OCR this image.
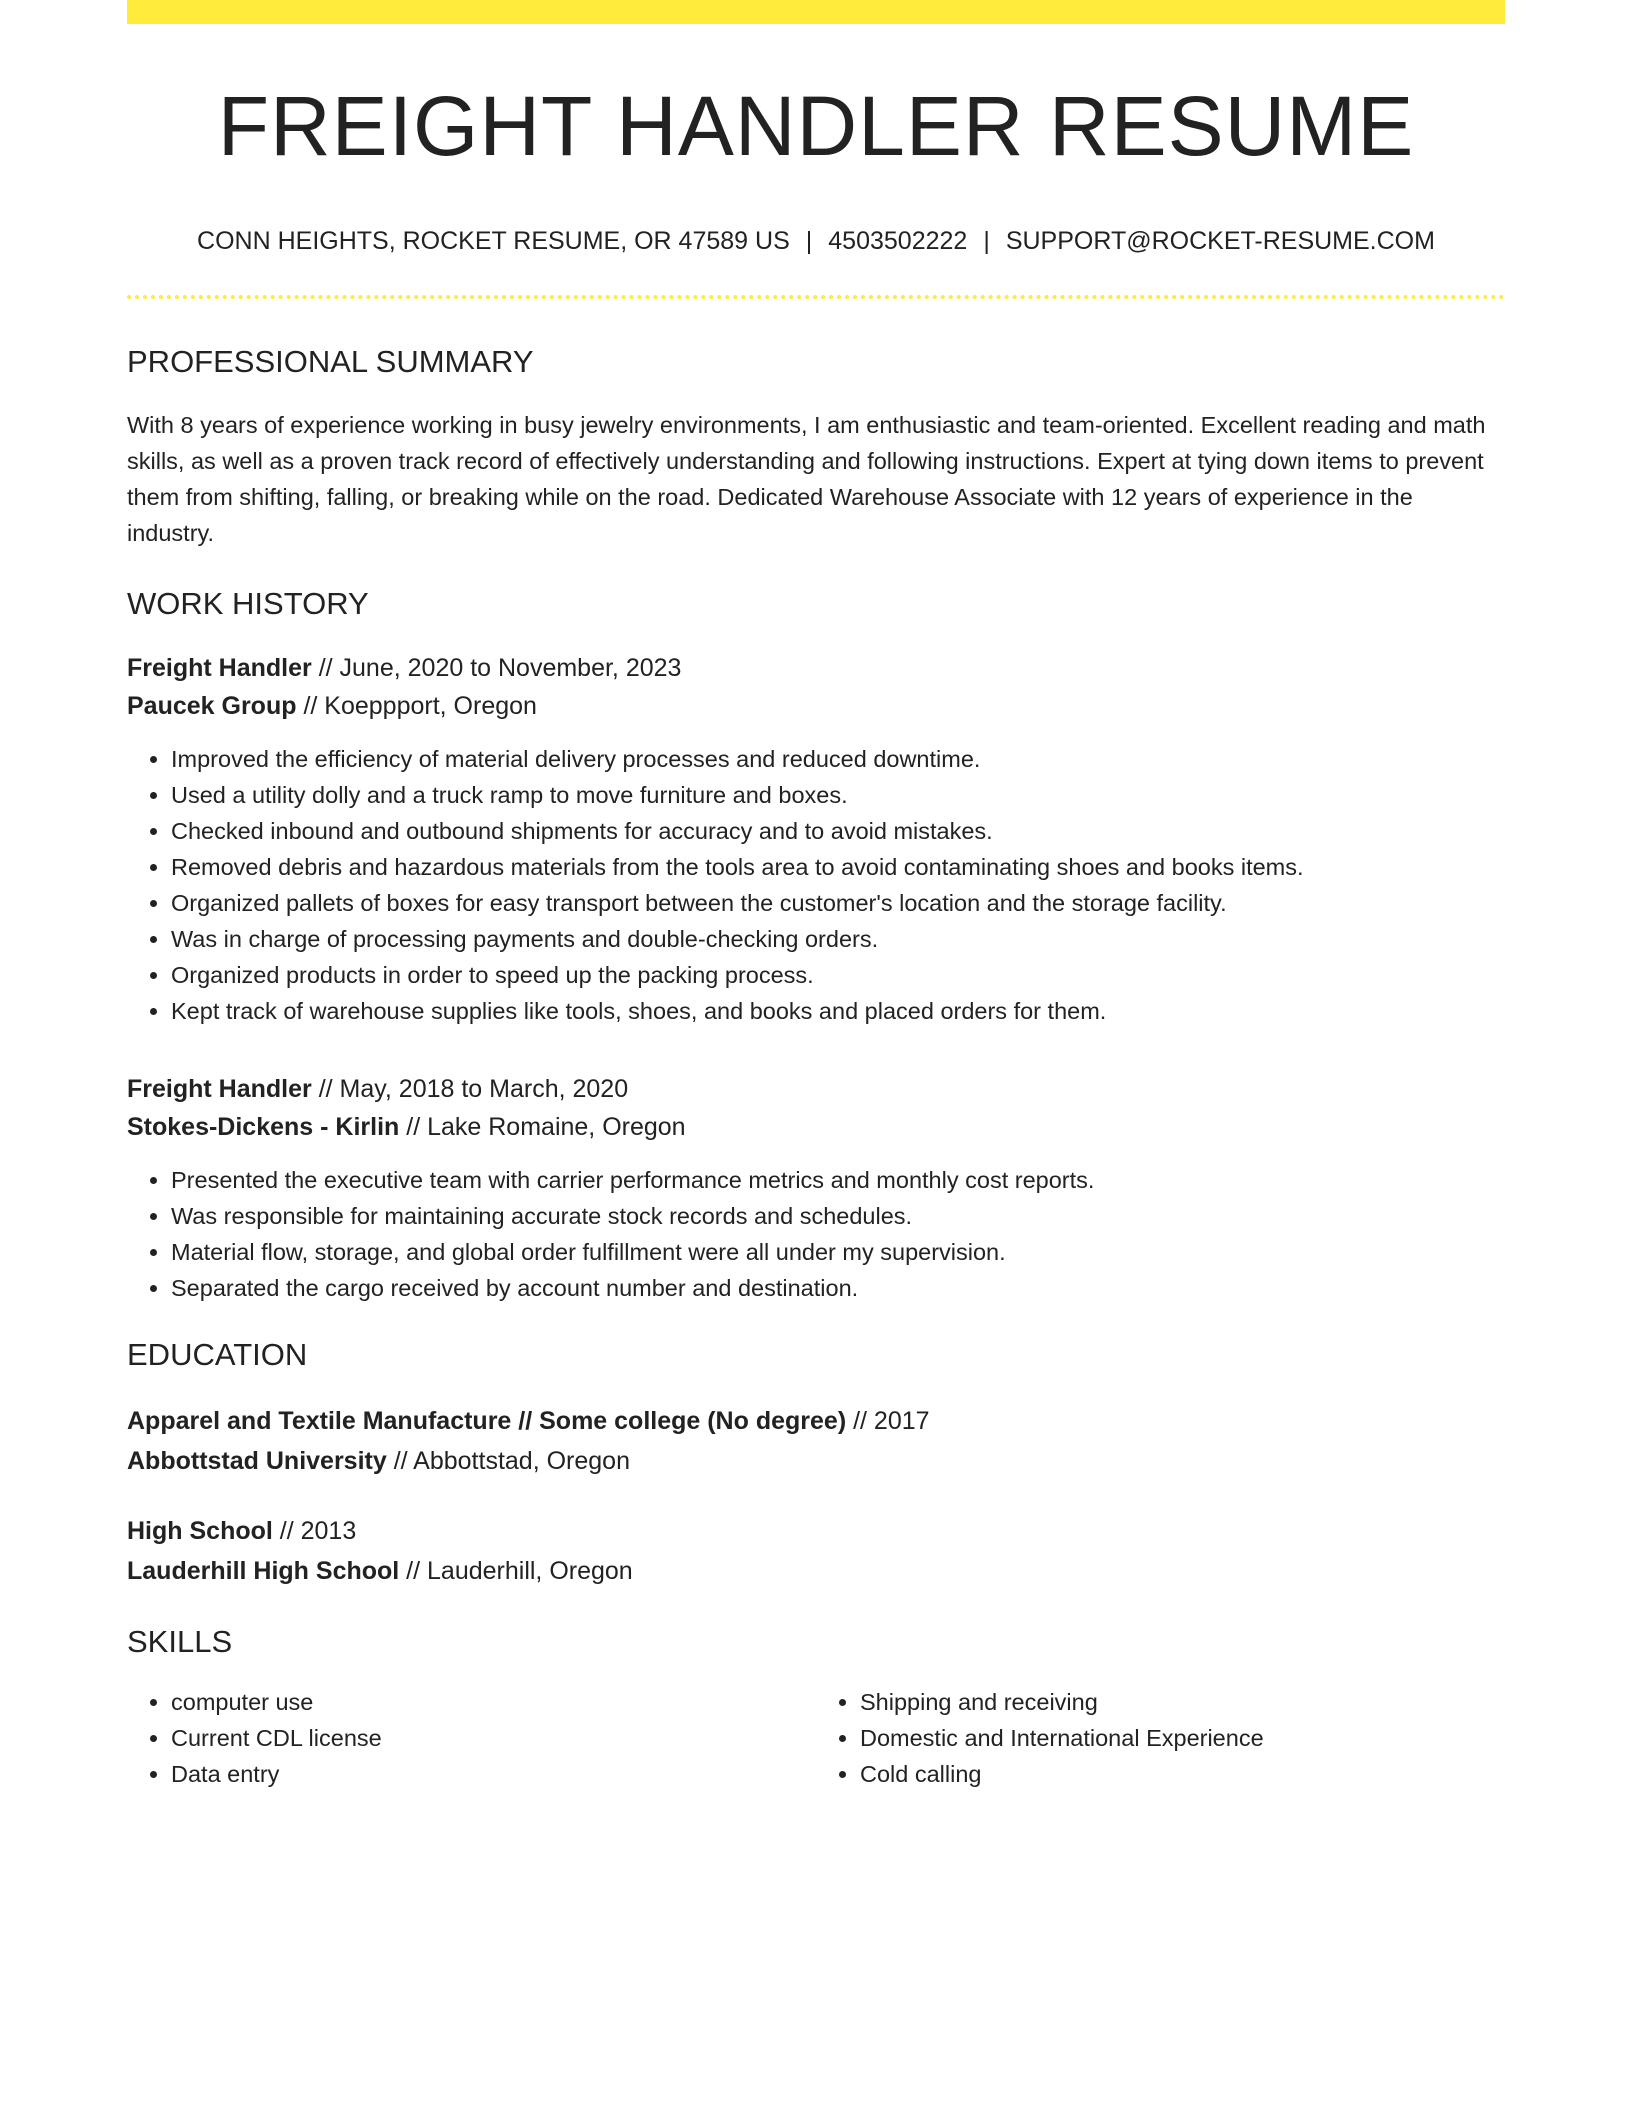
FREIGHT HANDLER RESUME
CONN HEIGHTS, ROCKET RESUME, OR 47589 US | 4503502222 | SUPPORT@ROCKET-RESUME.COM
PROFESSIONAL SUMMARY
With 8 years of experience working in busy jewelry environments, I am enthusiastic and team-oriented. Excellent reading and math skills, as well as a proven track record of effectively understanding and following instructions. Expert at tying down items to prevent them from shifting, falling, or breaking while on the road. Dedicated Warehouse Associate with 12 years of experience in the industry.
WORK HISTORY
Freight Handler // June, 2020 to November, 2023
Paucek Group // Koeppport, Oregon
• Improved the efficiency of material delivery processes and reduced downtime.
• Used a utility dolly and a truck ramp to move furniture and boxes.
• Checked inbound and outbound shipments for accuracy and to avoid mistakes.
• Removed debris and hazardous materials from the tools area to avoid contaminating shoes and books items.
• Organized pallets of boxes for easy transport between the customer's location and the storage facility.
• Was in charge of processing payments and double-checking orders.
• Organized products in order to speed up the packing process.
• Kept track of warehouse supplies like tools, shoes, and books and placed orders for them.
Freight Handler // May, 2018 to March, 2020
Stokes-Dickens - Kirlin // Lake Romaine, Oregon
• Presented the executive team with carrier performance metrics and monthly cost reports.
• Was responsible for maintaining accurate stock records and schedules.
• Material flow, storage, and global order fulfillment were all under my supervision.
• Separated the cargo received by account number and destination.
EDUCATION
Apparel and Textile Manufacture // Some college (No degree) // 2017
Abbottstad University // Abbottstad, Oregon
High School // 2013
Lauderhill High School // Lauderhill, Oregon
SKILLS
• computer use
• Current CDL license
• Data entry
• Shipping and receiving
• Domestic and International Experience
• Cold calling
